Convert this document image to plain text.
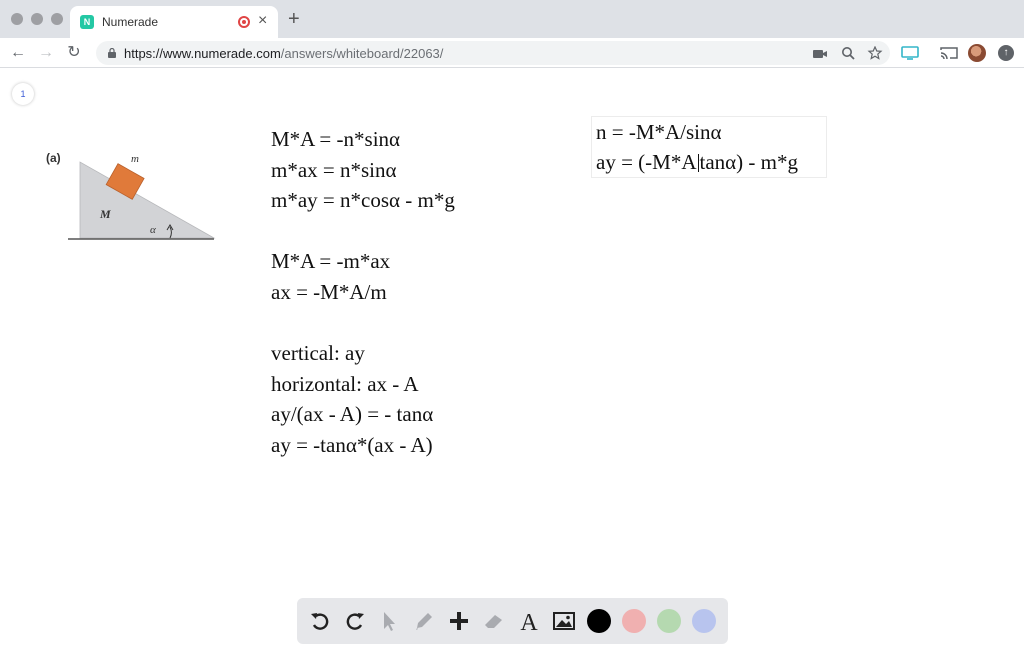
N Numerade	× +
← → ↻	https://www.numerade.com/answers/whiteboard/22063/	↑
1
(a)	m
M
α
M*A = -n*sinα
m*ax = n*sinα
m*ay = n*cosα - m*g
M*A = -m*ax
ax = -M*A/m
vertical: ay
horizontal: ax - A
ay/(ax - A) = - tanα
ay = -tanα*(ax - A)
n = -M*A/sinα
ay = (-M*A tanα) - m*g
A
